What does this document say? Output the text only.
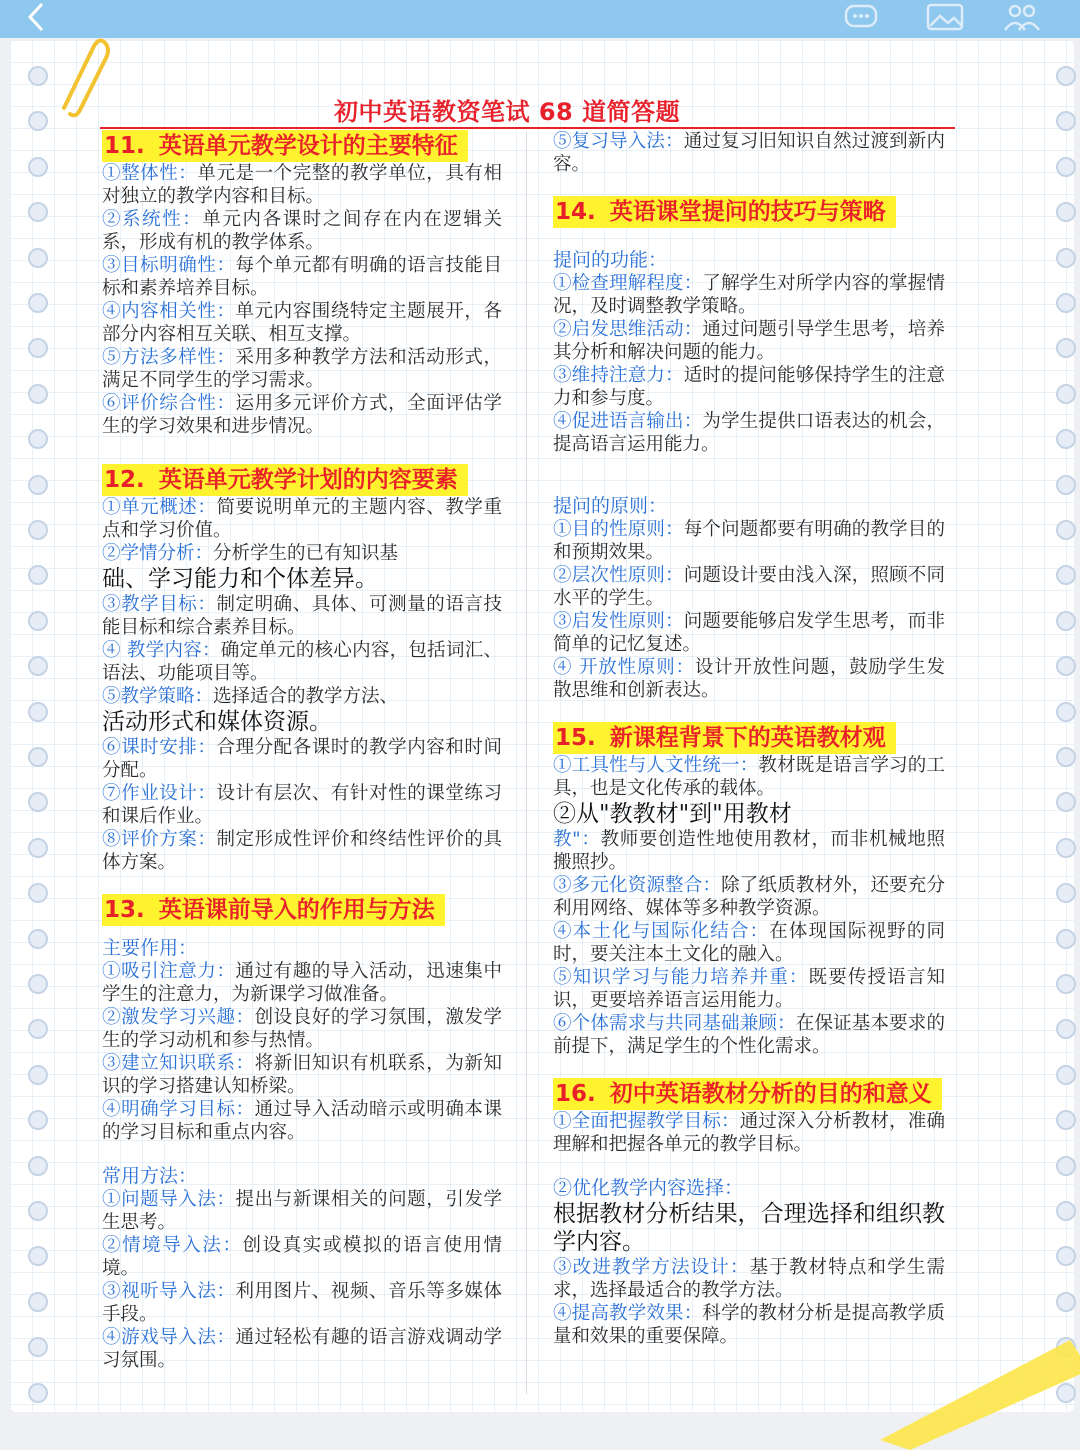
初中英语教资笔试 68 道简答题
11. 英语单元教学设计的主要特征

①整体性：单元是一个完整的教学单位，具有相对独立的教学内容和目标。

②系统性：单元内各课时之间存在内在逻辑关系，形成有机的教学体系。

③目标明确性：每个单元都有明确的语言技能目标和素养培养目标。

④内容相关性：单元内容围绕特定主题展开，各部分内容相互关联、相互支撑。

⑤方法多样性：采用多种教学方法和活动形式，满足不同学生的学习需求。

⑥评价综合性：运用多元评价方式，全面评估学生的学习效果和进步情况。

12. 英语单元教学计划的内容要素

①单元概述：简要说明单元的主题内容、教学重点和学习价值。

②学情分析：分析学生的已有知识基
础、学习能力和个体差异。

③教学目标：制定明确、具体、可测量的语言技能目标和综合素养目标。

④ 教学内容：确定单元的核心内容，包括词汇、语法、功能项目等。

⑤教学策略：选择适合的教学方法、
活动形式和媒体资源。

⑥课时安排：合理分配各课时的教学内容和时间分配。

⑦作业设计：设计有层次、有针对性的课堂练习和课后作业。

⑧评价方案：制定形成性评价和终结性评价的具体方案。

13. 英语课前导入的作用与方法
主要作用：

①吸引注意力：通过有趣的导入活动，迅速集中学生的注意力，为新课学习做准备。

②激发学习兴趣：创设良好的学习氛围，激发学生的学习动机和参与热情。

③建立知识联系：将新旧知识有机联系，为新知识的学习搭建认知桥梁。

④明确学习目标：通过导入活动暗示或明确本课的学习目标和重点内容。

常用方法：

①问题导入法：提出与新课相关的问题，引发学生思考。

②情境导入法：创设真实或模拟的语言使用情境。

③视听导入法：利用图片、视频、音乐等多媒体手段。

④游戏导入法：通过轻松有趣的语言游戏调动学习氛围。

⑤复习导入法：通过复习旧知识自然过渡到新内容。

14. 英语课堂提问的技巧与策略
提问的功能：

①检查理解程度：了解学生对所学内容的掌握情况，及时调整教学策略。

②启发思维活动：通过问题引导学生思考，培养其分析和解决问题的能力。

③维持注意力：适时的提问能够保持学生的注意力和参与度。

④促进语言输出：为学生提供口语表达的机会，提高语言运用能力。

提问的原则：

①目的性原则：每个问题都要有明确的教学目的和预期效果。

②层次性原则：问题设计要由浅入深，照顾不同水平的学生。

③启发性原则：问题要能够启发学生思考，而非简单的记忆复述。

④ 开放性原则：设计开放性问题，鼓励学生发散思维和创新表达。

15. 新课程背景下的英语教材观

①工具性与人文性统一：教材既是语言学习的工具，也是文化传承的载体。

②从"教教材"到"用教材
教"：教师要创造性地使用教材，而非机械地照搬照抄。

③多元化资源整合：除了纸质教材外，还要充分利用网络、媒体等多种教学资源。

④本土化与国际化结合：在体现国际视野的同时，要关注本土文化的融入。

⑤知识学习与能力培养并重：既要传授语言知识，更要培养语言运用能力。

⑥个体需求与共同基础兼顾：在保证基本要求的前提下，满足学生的个性化需求。

16. 初中英语教材分析的目的和意义

①全面把握教学目标：通过深入分析教材，准确理解和把握各单元的教学目标。

②优化教学内容选择：

根据教材分析结果，合理选择和组织教学内容。

③改进教学方法设计：基于教材特点和学生需求，选择最适合的教学方法。

④提高教学效果：科学的教材分析是提高教学质量和效果的重要保障。
